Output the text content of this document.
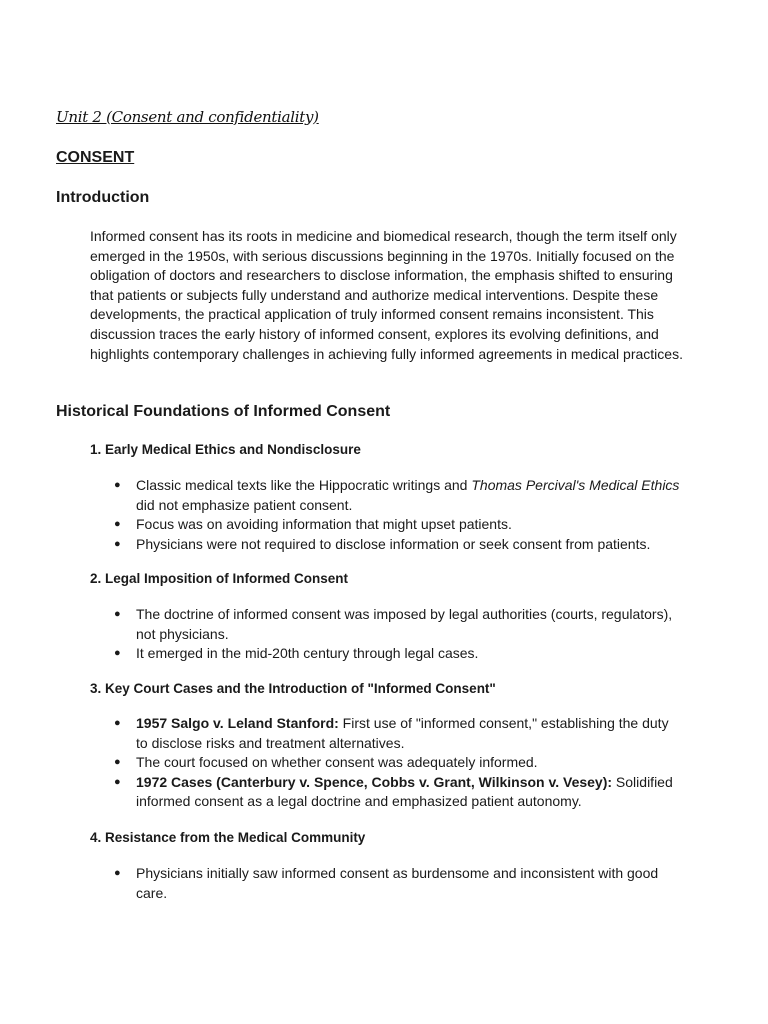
Unit 2 (Consent and confidentiality)
CONSENT
Introduction

Informed consent has its roots in medicine and biomedical research, though the term itself only emerged in the 1950s, with serious discussions beginning in the 1970s. Initially focused on the obligation of doctors and researchers to disclose information, the emphasis shifted to ensuring that patients or subjects fully understand and authorize medical interventions. Despite these developments, the practical application of truly informed consent remains inconsistent. This discussion traces the early history of informed consent, explores its evolving definitions, and highlights contemporary challenges in achieving fully informed agreements in medical practices.

Historical Foundations of Informed Consent
1. Early Medical Ethics and Nondisclosure
● Classic medical texts like the Hippocratic writings and Thomas Percival's Medical Ethics did not emphasize patient consent.
● Focus was on avoiding information that might upset patients.
● Physicians were not required to disclose information or seek consent from patients.
2. Legal Imposition of Informed Consent
● The doctrine of informed consent was imposed by legal authorities (courts, regulators), not physicians.
● It emerged in the mid-20th century through legal cases.
3. Key Court Cases and the Introduction of "Informed Consent"
● 1957 Salgo v. Leland Stanford: First use of "informed consent," establishing the duty to disclose risks and treatment alternatives.
● The court focused on whether consent was adequately informed.
● 1972 Cases (Canterbury v. Spence, Cobbs v. Grant, Wilkinson v. Vesey): Solidified informed consent as a legal doctrine and emphasized patient autonomy.
4. Resistance from the Medical Community
● Physicians initially saw informed consent as burdensome and inconsistent with good care.
